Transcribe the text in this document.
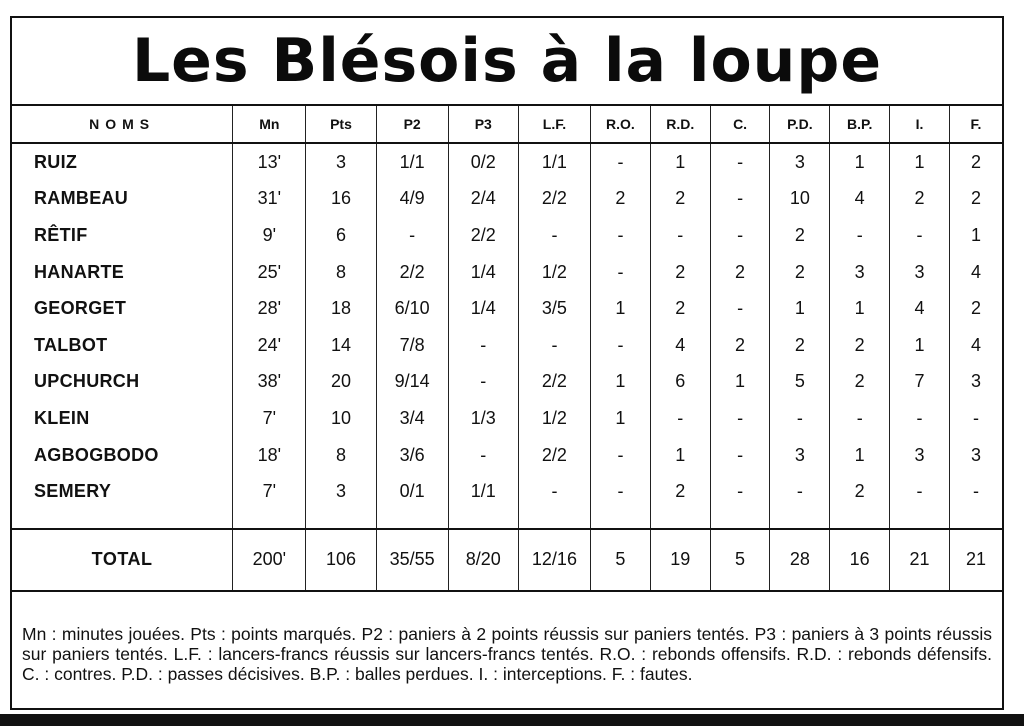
Les Blésois à la loupe
NOMS	Mn	Pts	P2	P3	L.F.	R.O.	R.D.	C.	P.D.	B.P.	I.	F.
RUIZ	13'	3	1/1	0/2	1/1	-	1	-	3	1	1	2
RAMBEAU	31'	16	4/9	2/4	2/2	2	2	-	10	4	2	2
RÊTIF	9'	6	-	2/2	-	-	-	-	2	-	-	1
HANARTE	25'	8	2/2	1/4	1/2	-	2	2	2	3	3	4
GEORGET	28'	18	6/10	1/4	3/5	1	2	-	1	1	4	2
TALBOT	24'	14	7/8	-	-	-	4	2	2	2	1	4
UPCHURCH	38'	20	9/14	-	2/2	1	6	1	5	2	7	3
KLEIN	7'	10	3/4	1/3	1/2	1	-	-	-	-	-	-
AGBOGBODO	18'	8	3/6	-	2/2	-	1	-	3	1	3	3
SEMERY	7'	3	0/1	1/1	-	-	2	-	-	2	-	-

TOTAL	200'	106	35/55	8/20	12/16	5	19	5	28	16	21	21
Mn : minutes jouées. Pts : points marqués. P2 : paniers à 2 points réussis sur paniers tentés. P3 : paniers à 3 points réussis sur paniers tentés. L.F. : lancers-francs réussis sur lancers-francs tentés. R.O. : rebonds offensifs. R.D. : rebonds défensifs. C. : contres. P.D. : passes décisives. B.P. : balles perdues. I. : interceptions. F. : fautes.
